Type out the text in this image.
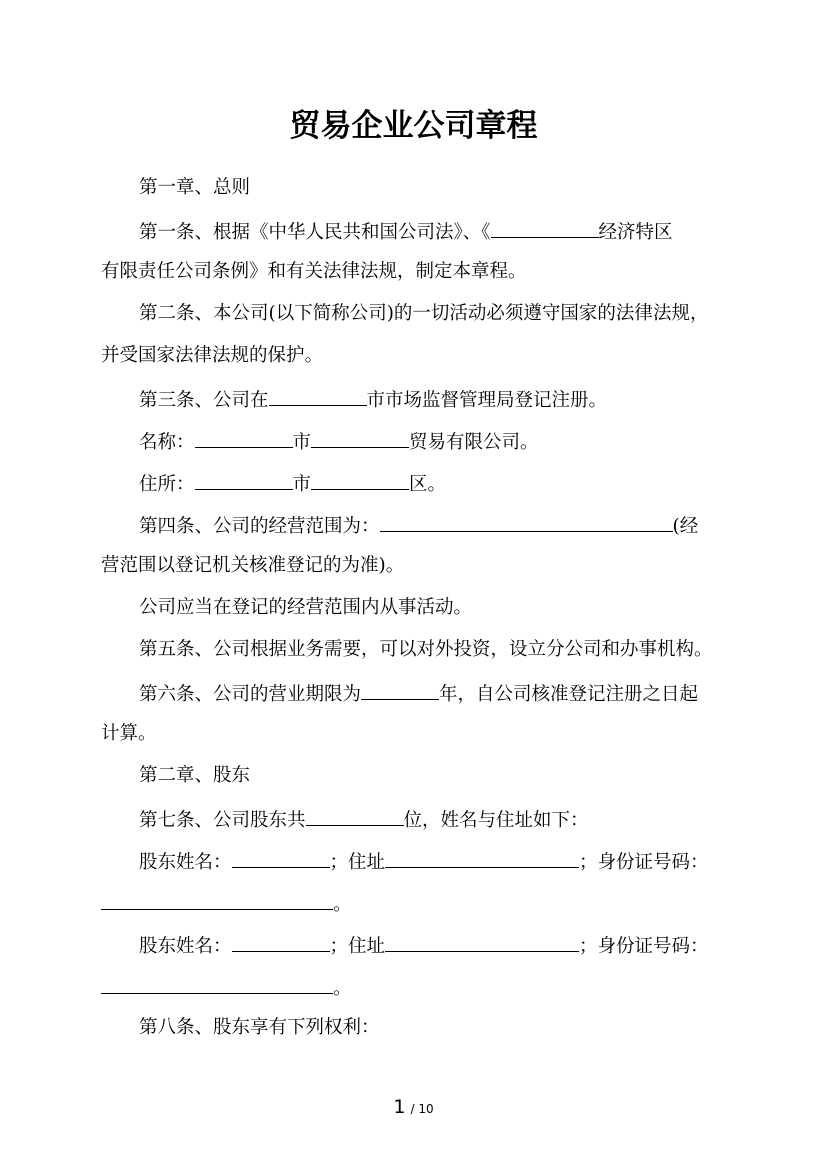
贸易企业公司章程
第一章、总则
第一条、根据《中华人民共和国公司法》、《	经济特区
有限责任公司条例》和有关法律法规，制定本章程。
第二条、本公司(以下简称公司)的一切活动必须遵守国家的法律法规，
并受国家法律法规的保护。
第三条、公司在	市市场监督管理局登记注册。
名称：	市	贸易有限公司。
住所：	市	区。
第四条、公司的经营范围为：	(经
营范围以登记机关核准登记的为准)。
公司应当在登记的经营范围内从事活动。
第五条、公司根据业务需要，可以对外投资，设立分公司和办事机构。
第六条、公司的营业期限为	年，自公司核准登记注册之日起
计算。
第二章、股东
第七条、公司股东共	位，姓名与住址如下：
股东姓名：	；住址	；身份证号码：
。
股东姓名：	；住址	；身份证号码：
。
第八条、股东享有下列权利：
1 / 10
